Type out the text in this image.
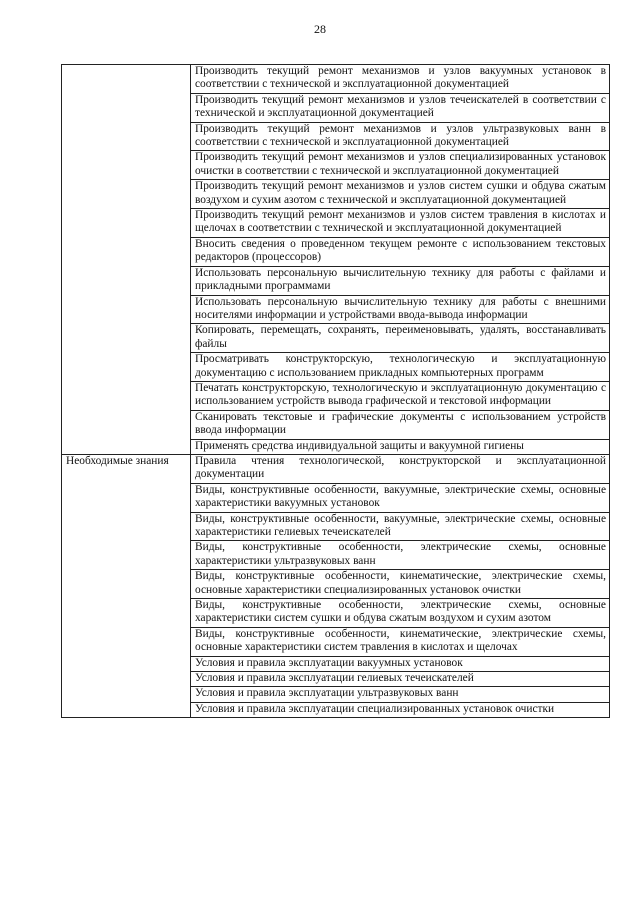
28
	Производить текущий ремонт механизмов и узлов вакуумных установок в соответствии с технической и эксплуатационной документацией
	Производить текущий ремонт механизмов и узлов течеискателей в соответствии с технической и эксплуатационной документацией
	Производить текущий ремонт механизмов и узлов ультразвуковых ванн в соответствии с технической и эксплуатационной документацией
	Производить текущий ремонт механизмов и узлов специализированных установок очистки в соответствии с технической и эксплуатационной документацией
	Производить текущий ремонт механизмов и узлов систем сушки и обдува сжатым воздухом и сухим азотом с технической и эксплуатационной документацией
	Производить текущий ремонт механизмов и узлов систем травления в кислотах и щелочах в соответствии с технической и эксплуатационной документацией
	Вносить сведения о проведенном текущем ремонте с использованием текстовых редакторов (процессоров)
	Использовать персональную вычислительную технику для работы с файлами и прикладными программами
	Использовать персональную вычислительную технику для работы с внешними носителями информации и устройствами ввода-вывода информации
	Копировать, перемещать, сохранять, переименовывать, удалять, восстанавливать файлы
	Просматривать конструкторскую, технологическую и эксплуатационную документацию с использованием прикладных компьютерных программ
	Печатать конструкторскую, технологическую и эксплуатационную документацию с использованием устройств вывода графической и текстовой информации
	Сканировать текстовые и графические документы с использованием устройств ввода информации
	Применять средства индивидуальной защиты и вакуумной гигиены
Необходимые знания	Правила чтения технологической, конструкторской и эксплуатационной документации
	Виды, конструктивные особенности, вакуумные, электрические схемы, основные характеристики вакуумных установок
	Виды, конструктивные особенности, вакуумные, электрические схемы, основные характеристики гелиевых течеискателей
	Виды, конструктивные особенности, электрические схемы, основные характеристики ультразвуковых ванн
	Виды, конструктивные особенности, кинематические, электрические схемы, основные характеристики специализированных установок очистки
	Виды, конструктивные особенности, электрические схемы, основные характеристики систем сушки и обдува сжатым воздухом и сухим азотом
	Виды, конструктивные особенности, кинематические, электрические схемы, основные характеристики систем травления в кислотах и щелочах
	Условия и правила эксплуатации вакуумных установок
	Условия и правила эксплуатации гелиевых течеискателей
	Условия и правила эксплуатации ультразвуковых ванн
	Условия и правила эксплуатации специализированных установок очистки
